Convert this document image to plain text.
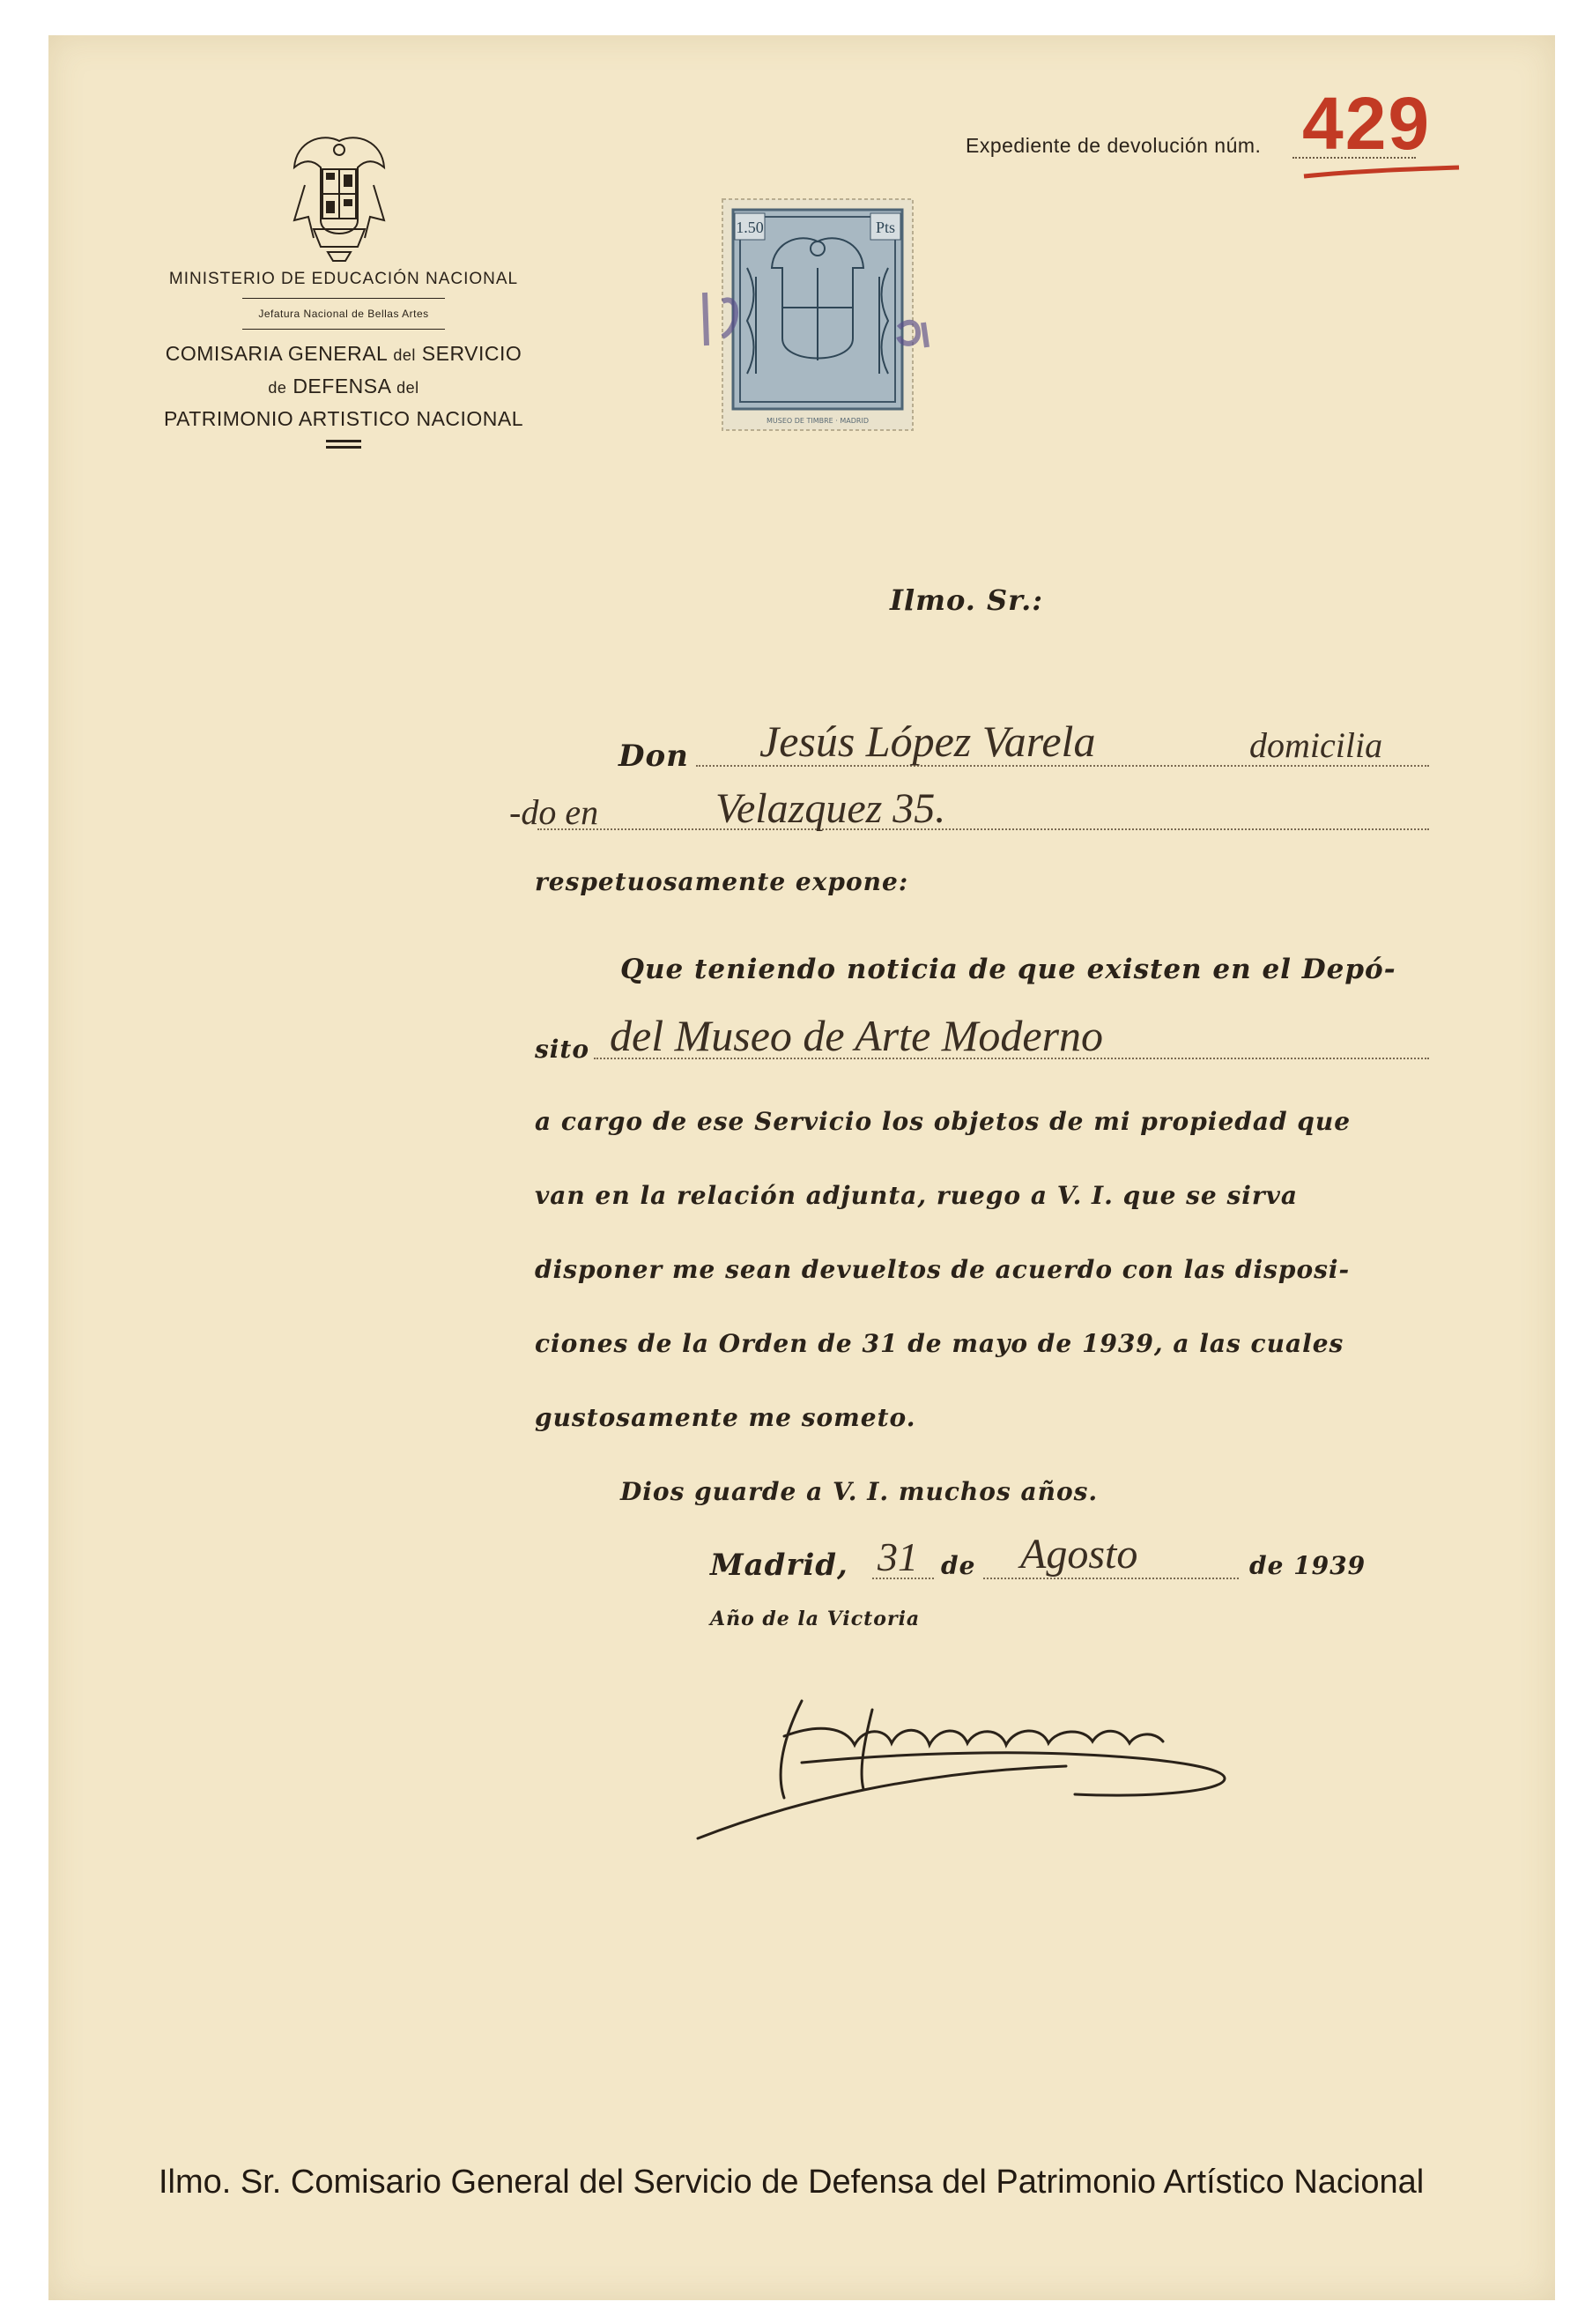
MINISTERIO DE EDUCACIÓN NACIONAL
Jefatura Nacional de Bellas Artes
COMISARIA GENERAL del SERVICIO
de DEFENSA del
PATRIMONIO ARTISTICO NACIONAL
1.50	Pts
MUSEO DE TIMBRE · MADRID
Expediente de devolución núm. 429
Ilmo. Sr.:
Don Jesús López Varela	domicilia
-do en	Velazquez 35.
respetuosamente expone:
Que teniendo noticia de que existen en el Depó-
sito del Museo de Arte Moderno
a cargo de ese Servicio los objetos de mi propiedad que
van en la relación adjunta, ruego a V. I. que se sirva
disponer me sean devueltos de acuerdo con las disposi-
ciones de la Orden de 31 de mayo de 1939, a las cuales
gustosamente me someto.
Dios guarde a V. I. muchos años.
Madrid, 31 de Agosto	de 1939
Año de la Victoria
Ilmo. Sr. Comisario General del Servicio de Defensa del Patrimonio Artístico Nacional
